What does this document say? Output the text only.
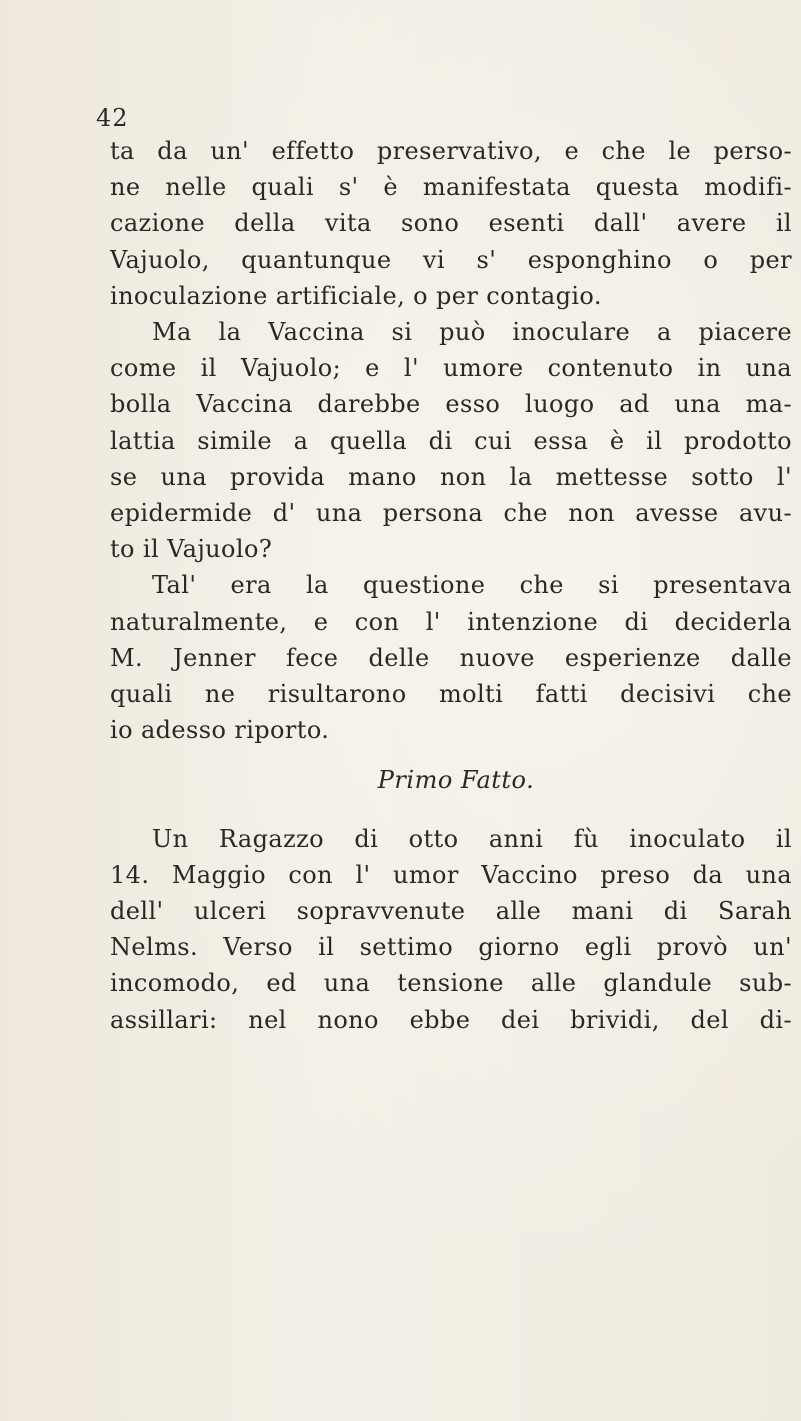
42
ta da un' effetto preservativo, e che le perso-
ne nelle quali s' è manifestata questa modifi-
cazione della vita sono esenti dall' avere il
Vajuolo, quantunque vi s' esponghino o per
inoculazione artificiale, o per contagio.
Ma la Vaccina si può inoculare a piacere
come il Vajuolo; e l' umore contenuto in una
bolla Vaccina darebbe esso luogo ad una ma-
lattia simile a quella di cui essa è il prodotto
se una provida mano non la mettesse sotto l'
epidermide d' una persona che non avesse avu-
to il Vajuolo?
Tal' era la questione che si presentava
naturalmente, e con l' intenzione di deciderla
M. Jenner fece delle nuove esperienze dalle
quali ne risultarono molti fatti decisivi che
io adesso riporto.
Primo Fatto.
Un Ragazzo di otto anni fù inoculato il
14. Maggio con l' umor Vaccino preso da una
dell' ulceri sopravvenute alle mani di Sarah
Nelms. Verso il settimo giorno egli provò un'
incomodo, ed una tensione alle glandule sub-
assillari: nel nono ebbe dei brividi, del di-
